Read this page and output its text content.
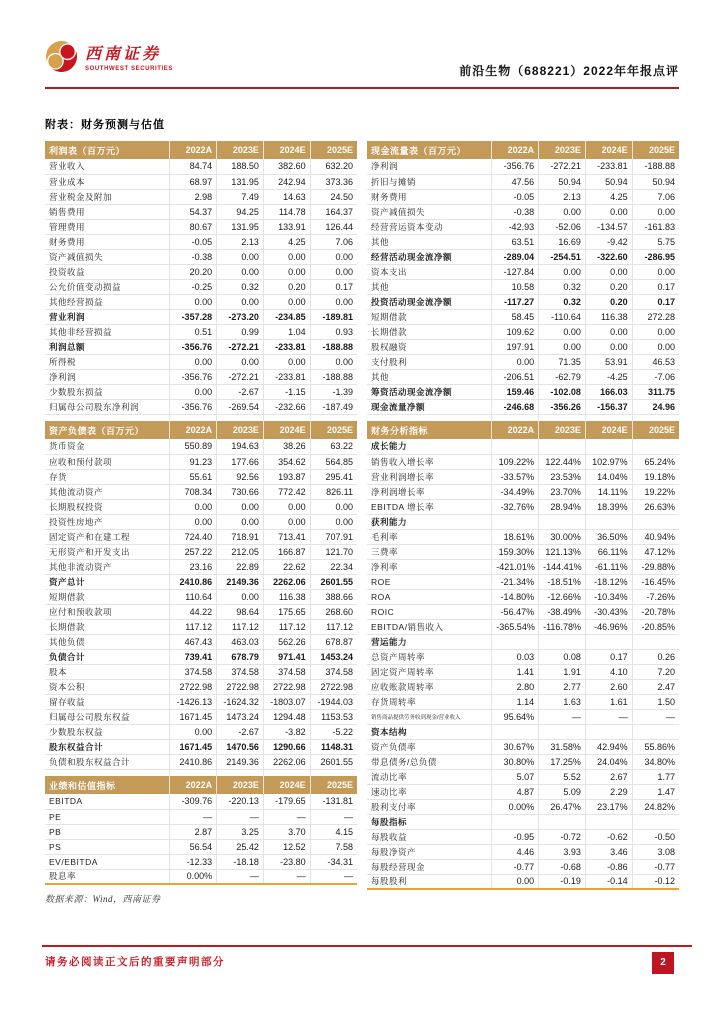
西南证券
SOUTHWEST SECURITIES	前沿生物（688221）2022年年报点评
附表：财务预测与估值
利润表（百万元）	2022A	2023E	2024E	2025E
营业收入	84.74	188.50	382.60	632.20
营业成本	68.97	131.95	242.94	373.36
营业税金及附加	2.98	7.49	14.63	24.50
销售费用	54.37	94.25	114.78	164.37
管理费用	80.67	131.95	133.91	126.44
财务费用	-0.05	2.13	4.25	7.06
资产减值损失	-0.38	0.00	0.00	0.00
投资收益	20.20	0.00	0.00	0.00
公允价值变动损益	-0.25	0.32	0.20	0.17
其他经营损益	0.00	0.00	0.00	0.00
营业利润	-357.28	-273.20	-234.85	-189.81
其他非经营损益	0.51	0.99	1.04	0.93
利润总额	-356.76	-272.21	-233.81	-188.88
所得税	0.00	0.00	0.00	0.00
净利润	-356.76	-272.21	-233.81	-188.88
少数股东损益	0.00	-2.67	-1.15	-1.39
归属母公司股东净利润	-356.76	-269.54	-232.66	-187.49

资产负债表（百万元）	2022A	2023E	2024E	2025E
货币资金	550.89	194.63	38.26	63.22
应收和预付款项	91.23	177.66	354.62	564.85
存货	55.61	92.56	193.87	295.41
其他流动资产	708.34	730.66	772.42	826.11
长期股权投资	0.00	0.00	0.00	0.00
投资性房地产	0.00	0.00	0.00	0.00
固定资产和在建工程	724.40	718.91	713.41	707.91
无形资产和开发支出	257.22	212.05	166.87	121.70
其他非流动资产	23.16	22.89	22.62	22.34
资产总计	2410.86	2149.36	2262.06	2601.55
短期借款	110.64	0.00	116.38	388.66
应付和预收款项	44.22	98.64	175.65	268.60
长期借款	117.12	117.12	117.12	117.12
其他负债	467.43	463.03	562.26	678.87
负债合计	739.41	678.79	971.41	1453.24
股本	374.58	374.58	374.58	374.58
资本公积	2722.98	2722.98	2722.98	2722.98
留存收益	-1426.13	-1624.32	-1803.07	-1944.03
归属母公司股东权益	1671.45	1473.24	1294.48	1153.53
少数股东权益	0.00	-2.67	-3.82	-5.22
股东权益合计	1671.45	1470.56	1290.66	1148.31
负债和股东权益合计	2410.86	2149.36	2262.06	2601.55

业绩和估值指标	2022A	2023E	2024E	2025E
EBITDA	-309.76	-220.13	-179.65	-131.81
PE	—	—	—	—
PB	2.87	3.25	3.70	4.15
PS	56.54	25.42	12.52	7.58
EV/EBITDA	-12.33	-18.18	-23.80	-34.31
股息率	0.00%	—	—	—
数据来源：Wind，西南证券
现金流量表（百万元）	2022A	2023E	2024E	2025E
净利润	-356.76	-272.21	-233.81	-188.88
折旧与摊销	47.56	50.94	50.94	50.94
财务费用	-0.05	2.13	4.25	7.06
资产减值损失	-0.38	0.00	0.00	0.00
经营营运资本变动	-42.93	-52.06	-134.57	-161.83
其他	63.51	16.69	-9.42	5.75
经营活动现金流净额	-289.04	-254.51	-322.60	-286.95
资本支出	-127.84	0.00	0.00	0.00
其他	10.58	0.32	0.20	0.17
投资活动现金流净额	-117.27	0.32	0.20	0.17
短期借款	58.45	-110.64	116.38	272.28
长期借款	109.62	0.00	0.00	0.00
股权融资	197.91	0.00	0.00	0.00
支付股利	0.00	71.35	53.91	46.53
其他	-206.51	-62.79	-4.25	-7.06
筹资活动现金流净额	159.46	-102.08	166.03	311.75
现金流量净额	-246.68	-356.26	-156.37	24.96

财务分析指标	2022A	2023E	2024E	2025E
成长能力				
销售收入增长率	109.22%	122.44%	102.97%	65.24%
营业利润增长率	-33.57%	23.53%	14.04%	19.18%
净利润增长率	-34.49%	23.70%	14.11%	19.22%
EBITDA 增长率	-32.76%	28.94%	18.39%	26.63%
获利能力				
毛利率	18.61%	30.00%	36.50%	40.94%
三费率	159.30%	121.13%	66.11%	47.12%
净利率	-421.01%	-144.41%	-61.11%	-29.88%
ROE	-21.34%	-18.51%	-18.12%	-16.45%
ROA	-14.80%	-12.66%	-10.34%	-7.26%
ROIC	-56.47%	-38.49%	-30.43%	-20.78%
EBITDA/销售收入	-365.54%	-116.78%	-46.96%	-20.85%
营运能力				
总资产周转率	0.03	0.08	0.17	0.26
固定资产周转率	1.41	1.91	4.10	7.20
应收账款周转率	2.80	2.77	2.60	2.47
存货周转率	1.14	1.63	1.61	1.50
销售商品提供劳务收到现金/营业收入	95.64%	—	—	—
资本结构				
资产负债率	30.67%	31.58%	42.94%	55.86%
带息债务/总负债	30.80%	17.25%	24.04%	34.80%
流动比率	5.07	5.52	2.67	1.77
速动比率	4.87	5.09	2.29	1.47
股利支付率	0.00%	26.47%	23.17%	24.82%
每股指标				
每股收益	-0.95	-0.72	-0.62	-0.50
每股净资产	4.46	3.93	3.46	3.08
每股经营现金	-0.77	-0.68	-0.86	-0.77
每股股利	0.00	-0.19	-0.14	-0.12
请务必阅读正文后的重要声明部分	2
